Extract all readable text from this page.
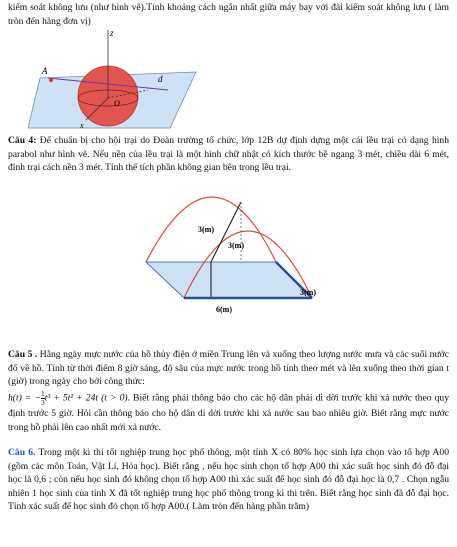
kiểm soát không lưu (như hình vẽ).Tính khoảng cách ngắn nhất giữa máy bay với đài kiểm soát không lưu ( làm tròn đến hàng đơn vị)
z
A
d
O
x
Câu 4: Để chuẩn bị cho hội trại do Đoàn trường tổ chức, lớp 12B dự định dựng một cái lều trại có dạng hình parabol như hình vẽ. Nếu nền của lều trại là một hình chữ nhật có kích thước bề ngang 3 mét, chiều dài 6 mét, đỉnh trại cách nền 3 mét. Tính thể tích phần không gian bên trong lều trại.
3(m)
3(m)
3(m)
6(m)
Câu 5 . Hằng ngày mực nước của hồ thủy điện ở miền Trung lên và xuống theo lượng nước mưa và các suối nước đổ về hồ. Tính từ thời điểm 8 giờ sáng, độ sâu của mực nước trong hồ tính theo mét và lên xuống theo thời gian t (giờ) trong ngày cho bởi công thức:
h(t) = − $\frac{1}{3} t^3 + 5t^2 + 24t$ (t > 0). Biết rằng phải thông báo cho các hộ dân phải di dời trước khi xả nước theo quy định trước 5 giờ. Hỏi cần thông báo cho hộ dân di dời trước khi xả nước sau bao nhiêu giờ. Biết rằng mực nước trong hồ phải lên cao nhất mới xả nước.
Câu 6. Trong một kì thi tốt nghiệp trung học phổ thông, một tỉnh X có 80% học sinh lựa chọn vào tổ hợp A00 (gồm các môn Toán, Vật Lí, Hóa học). Biết rằng , nếu học sinh chọn tổ hợp A00 thì xác suất học sinh đó đỗ đại học là 0,6 ; còn nếu học sinh đó không chọn tổ hợp A00 thì xác suất để học sinh đó đỗ đại học là 0,7 . Chọn ngẫu nhiên 1 học sinh của tỉnh X đã tốt nghiệp trung học phổ thông trong kì thi trên. Biết rằng học sinh đã đỗ đại học. Tính xác suất để học sinh đó chọn tổ hợp A00.( Làm tròn đến hàng phần trăm)
